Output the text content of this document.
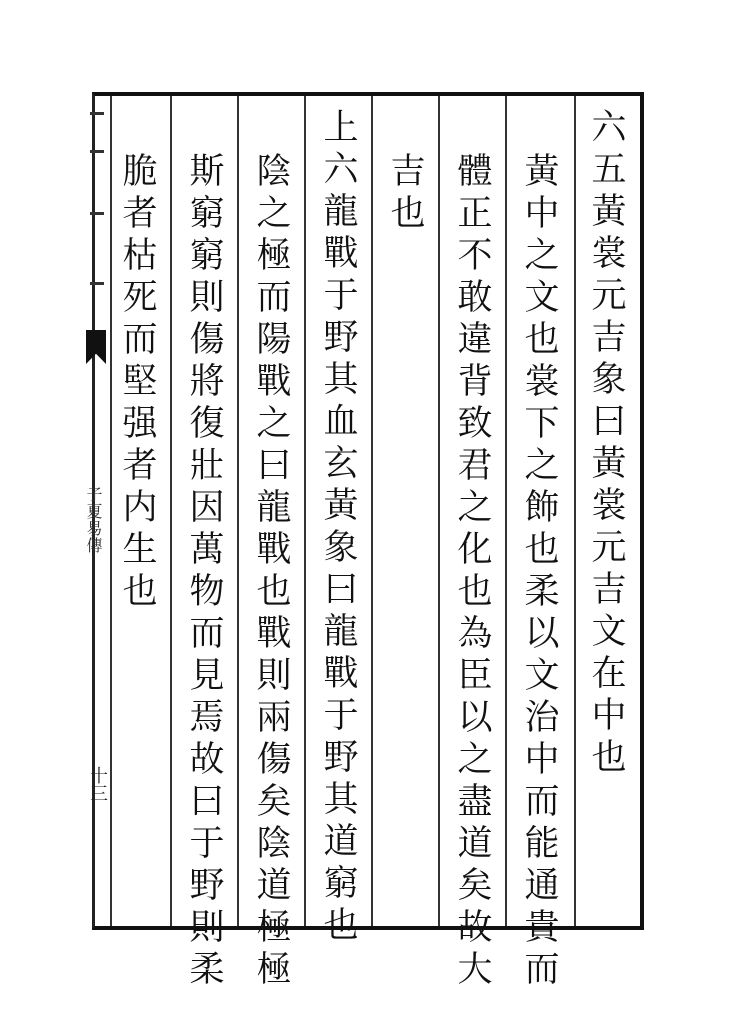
六五黃裳元吉象曰黃裳元吉文在中也
黃中之文也裳下之飾也柔以文治中而能通貴而
體正不敢違背致君之化也為臣以之盡道矣故大
吉也
上六龍戰于野其血玄黃象曰龍戰于野其道窮也
陰之極而陽戰之曰龍戰也戰則兩傷矣陰道極極
斯窮窮則傷將復壯因萬物而見焉故曰于野則柔
脆者枯死而堅强者内生也
子夏易傳
十三
